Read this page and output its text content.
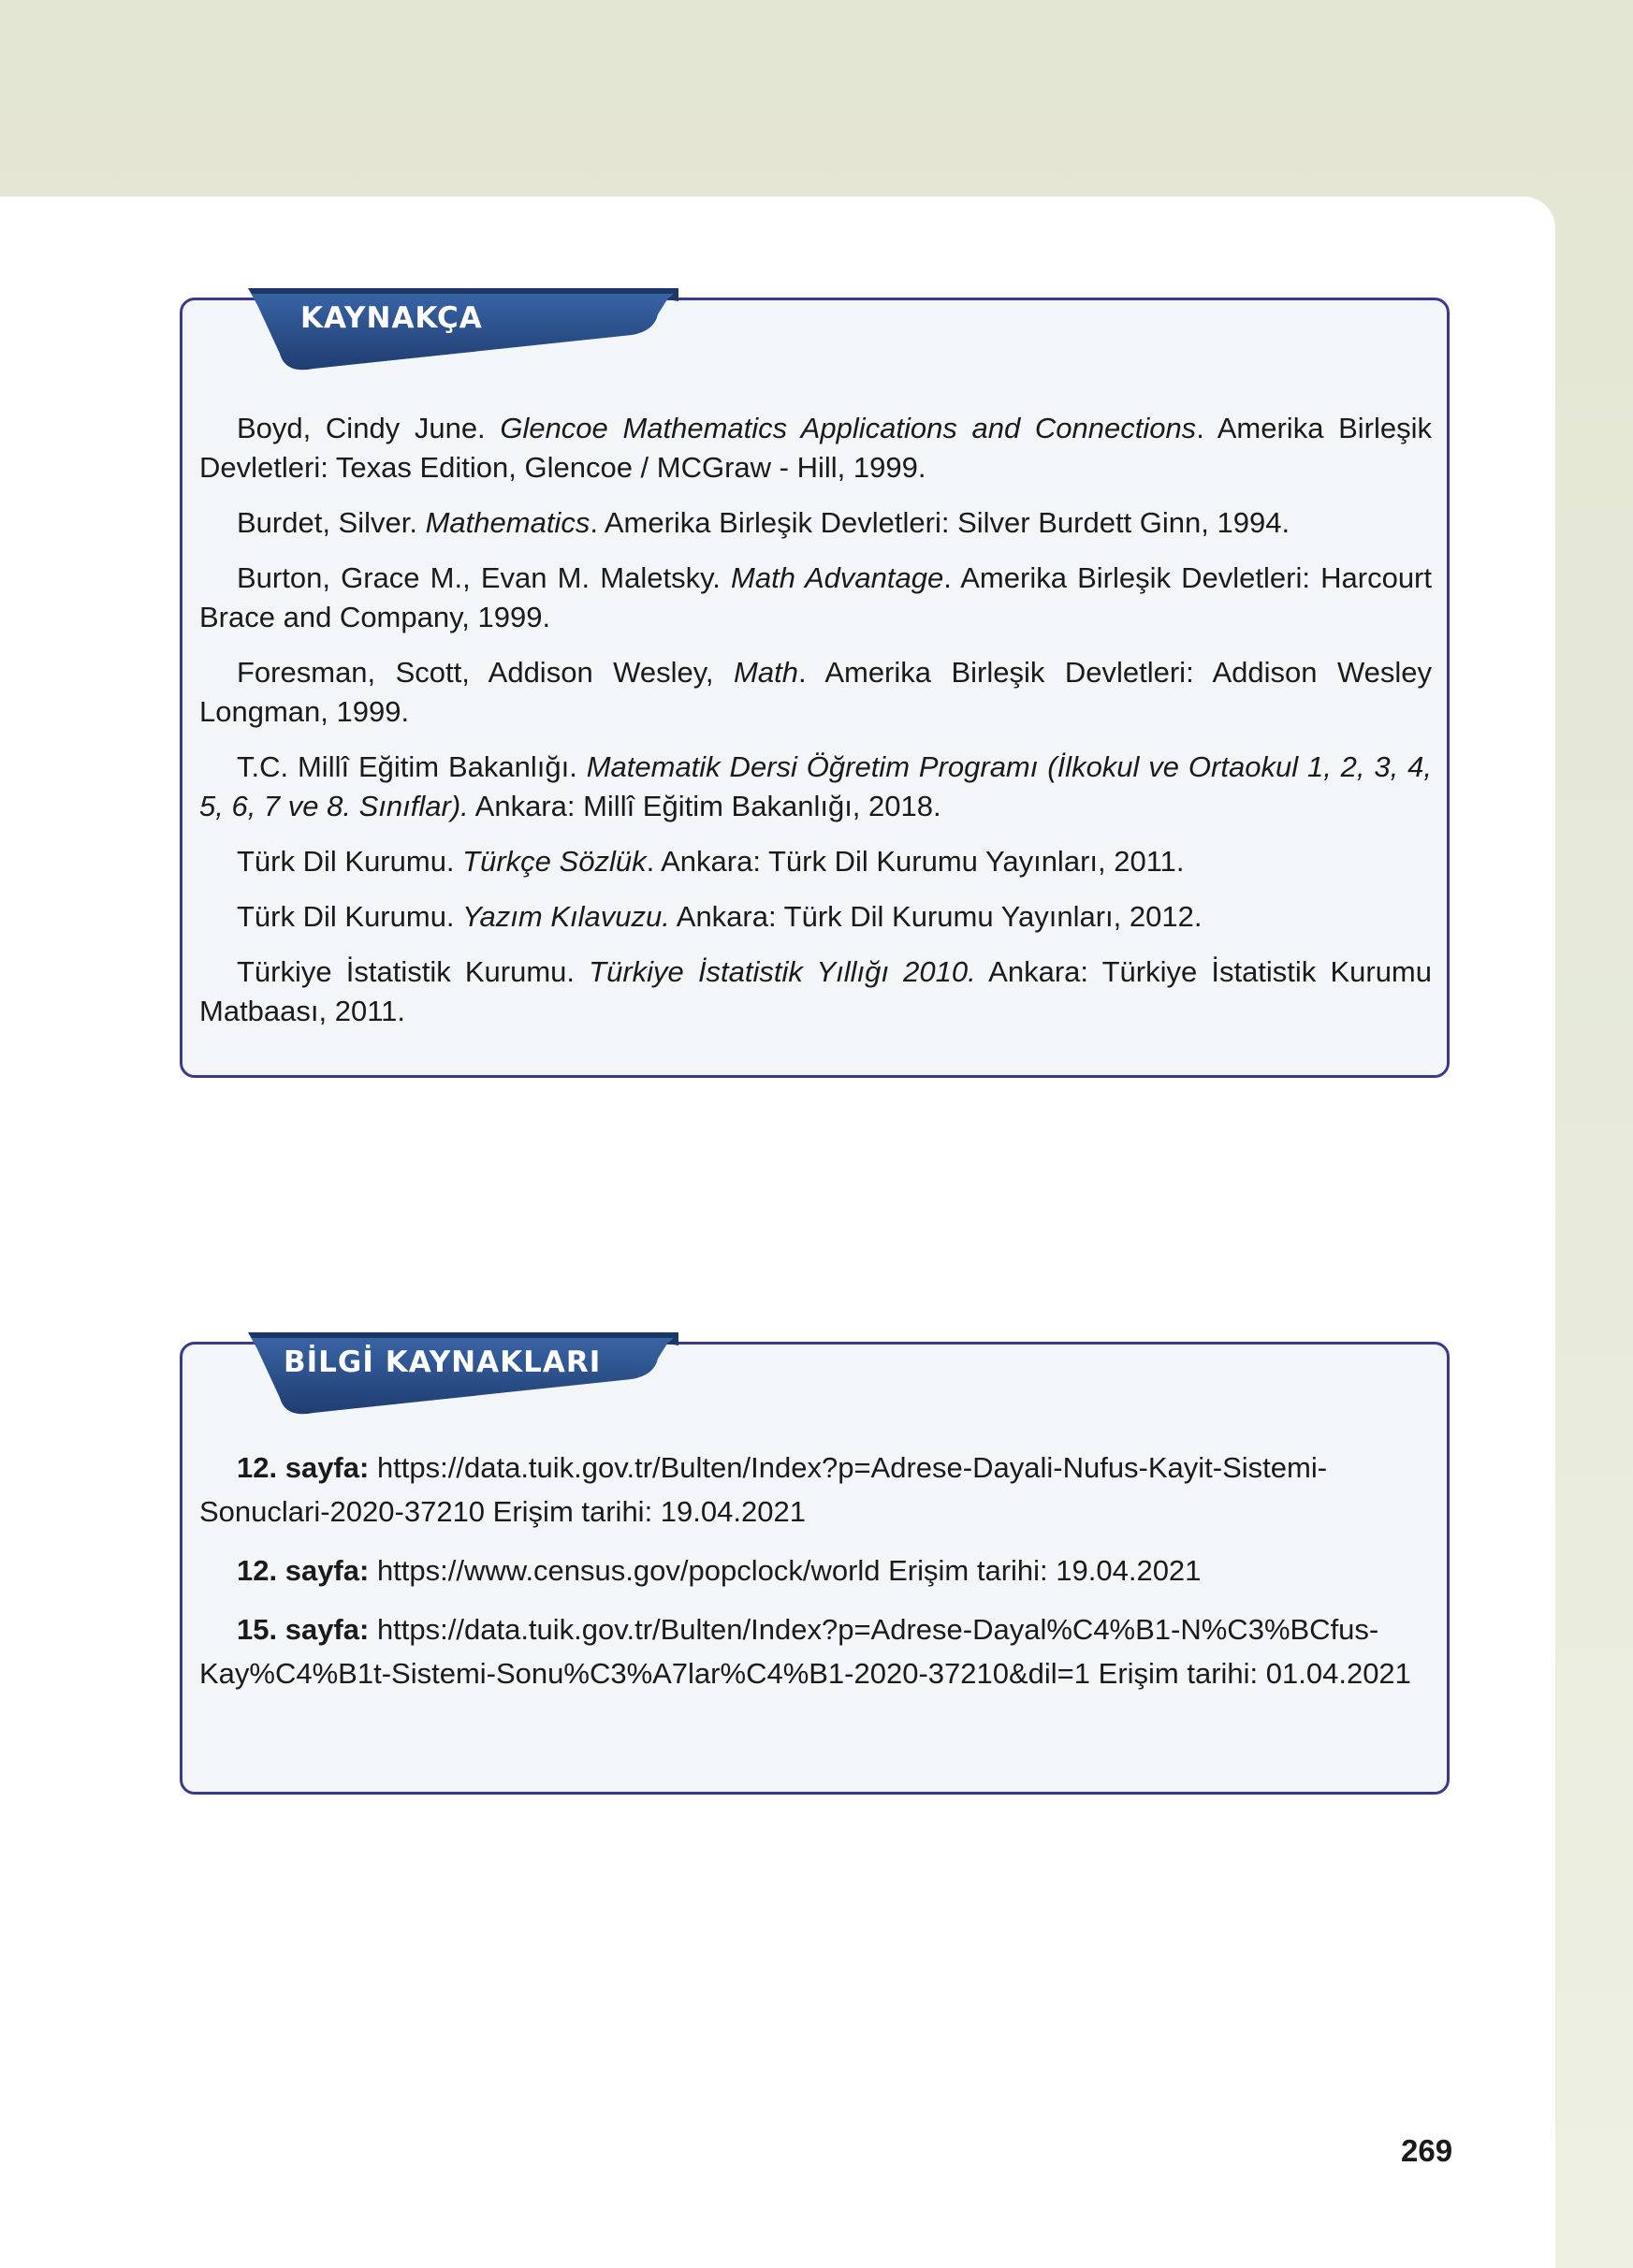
KAYNAKÇA

Boyd, Cindy June. Glencoe Mathematics Applications and Connections. Amerika Birleşik Devletleri: Texas Edition, Glencoe / MCGraw - Hill, 1999.

Burdet, Silver. Mathematics. Amerika Birleşik Devletleri: Silver Burdett Ginn, 1994.

Burton, Grace M., Evan M. Maletsky. Math Advantage. Amerika Birleşik Devletleri: Harcourt Brace and Company, 1999.

Foresman, Scott, Addison Wesley, Math. Amerika Birleşik Devletleri: Addison Wesley Longman, 1999.

T.C. Millî Eğitim Bakanlığı. Matematik Dersi Öğretim Programı (İlkokul ve Ortaokul 1, 2, 3, 4, 5, 6, 7 ve 8. Sınıflar). Ankara: Millî Eğitim Bakanlığı, 2018.

Türk Dil Kurumu. Türkçe Sözlük. Ankara: Türk Dil Kurumu Yayınları, 2011.

Türk Dil Kurumu. Yazım Kılavuzu. Ankara: Türk Dil Kurumu Yayınları, 2012.

Türkiye İstatistik Kurumu. Türkiye İstatistik Yıllığı 2010. Ankara: Türkiye İstatistik Kurumu Matbaası, 2011.

BİLGİ KAYNAKLARI

12. sayfa: https://data.tuik.gov.tr/Bulten/Index?p=Adrese-Dayali-Nufus-Kayit-Sistemi-Sonuclari-2020-37210 Erişim tarihi: 19.04.2021

12. sayfa: https://www.census.gov/popclock/world Erişim tarihi: 19.04.2021

15. sayfa: https://data.tuik.gov.tr/Bulten/Index?p=Adrese-Dayal%C4%B1-N%C3%BCfus-Kay%C4%B1t-Sistemi-Sonu%C3%A7lar%C4%B1-2020-37210&dil=1 Erişim tarihi: 01.04.2021

269
